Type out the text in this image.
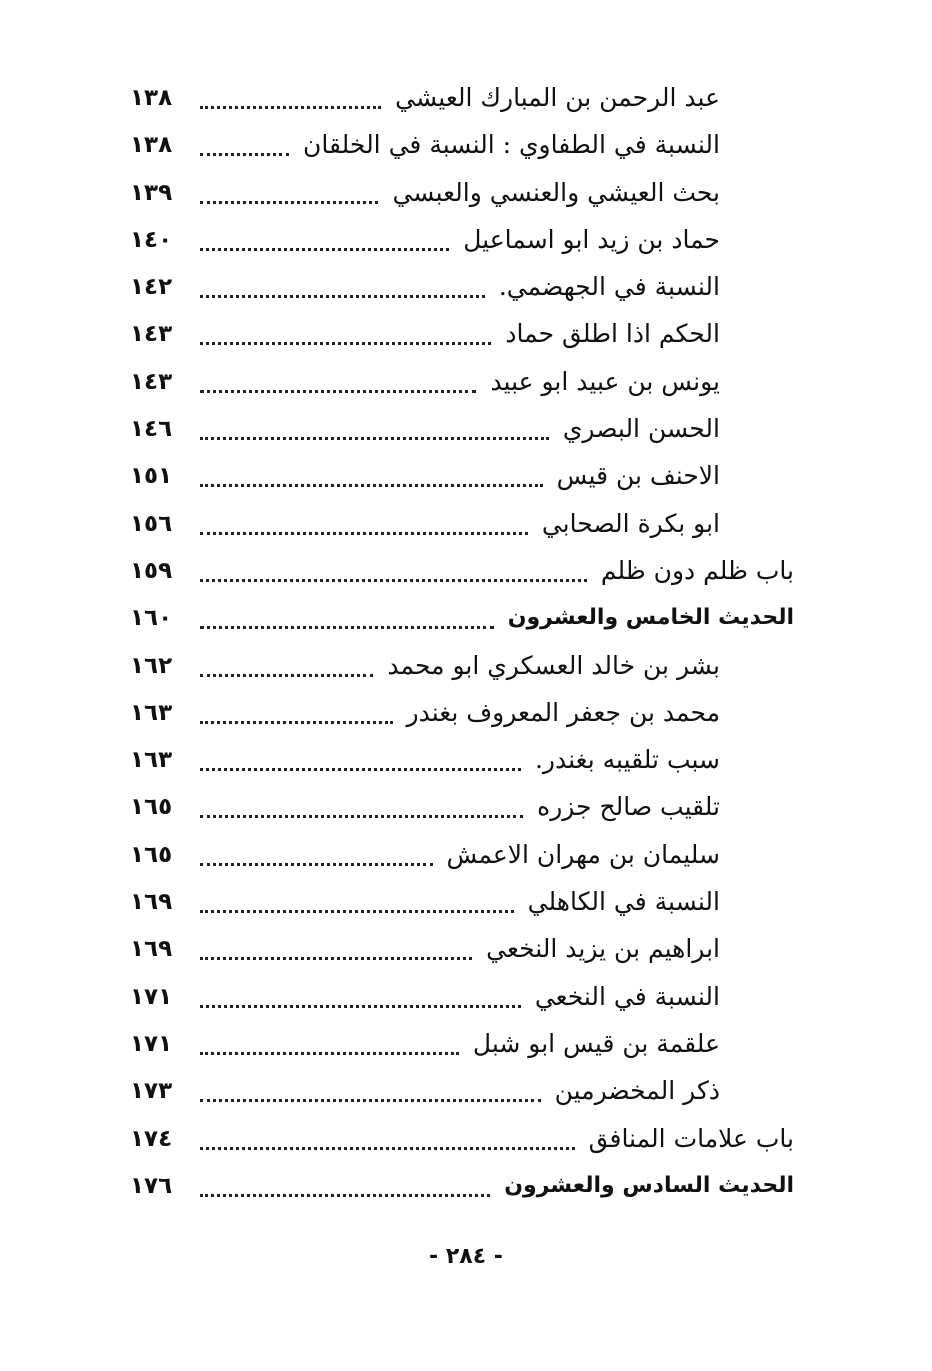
عبد الرحمن بن المبارك العيشي
١٣٨
النسبة في الطفاوي : النسبة في الخلقان
١٣٨
بحث العيشي والعنسي والعبسي
١٣٩
حماد بن زيد ابو اسماعيل
١٤٠
النسبة في الجهضمي.
١٤٢
الحكم اذا اطلق حماد
١٤٣
يونس بن عبيد ابو عبيد
١٤٣
الحسن البصري
١٤٦
الاحنف بن قيس
١٥١
ابو بكرة الصحابي
١٥٦
باب ظلم دون ظلم
١٥٩
الحديث الخامس والعشرون
١٦٠
بشر بن خالد العسكري ابو محمد
١٦٢
محمد بن جعفر المعروف بغندر
١٦٣
سبب تلقيبه بغندر.
١٦٣
تلقيب صالح جزره
١٦٥
سليمان بن مهران الاعمش
١٦٥
النسبة في الكاهلي
١٦٩
ابراهيم بن يزيد النخعي
١٦٩
النسبة في النخعي
١٧١
علقمة بن قيس ابو شبل
١٧١
ذكر المخضرمين
١٧٣
باب علامات المنافق
١٧٤
الحديث السادس والعشرون
١٧٦
- ٢٨٤ -
